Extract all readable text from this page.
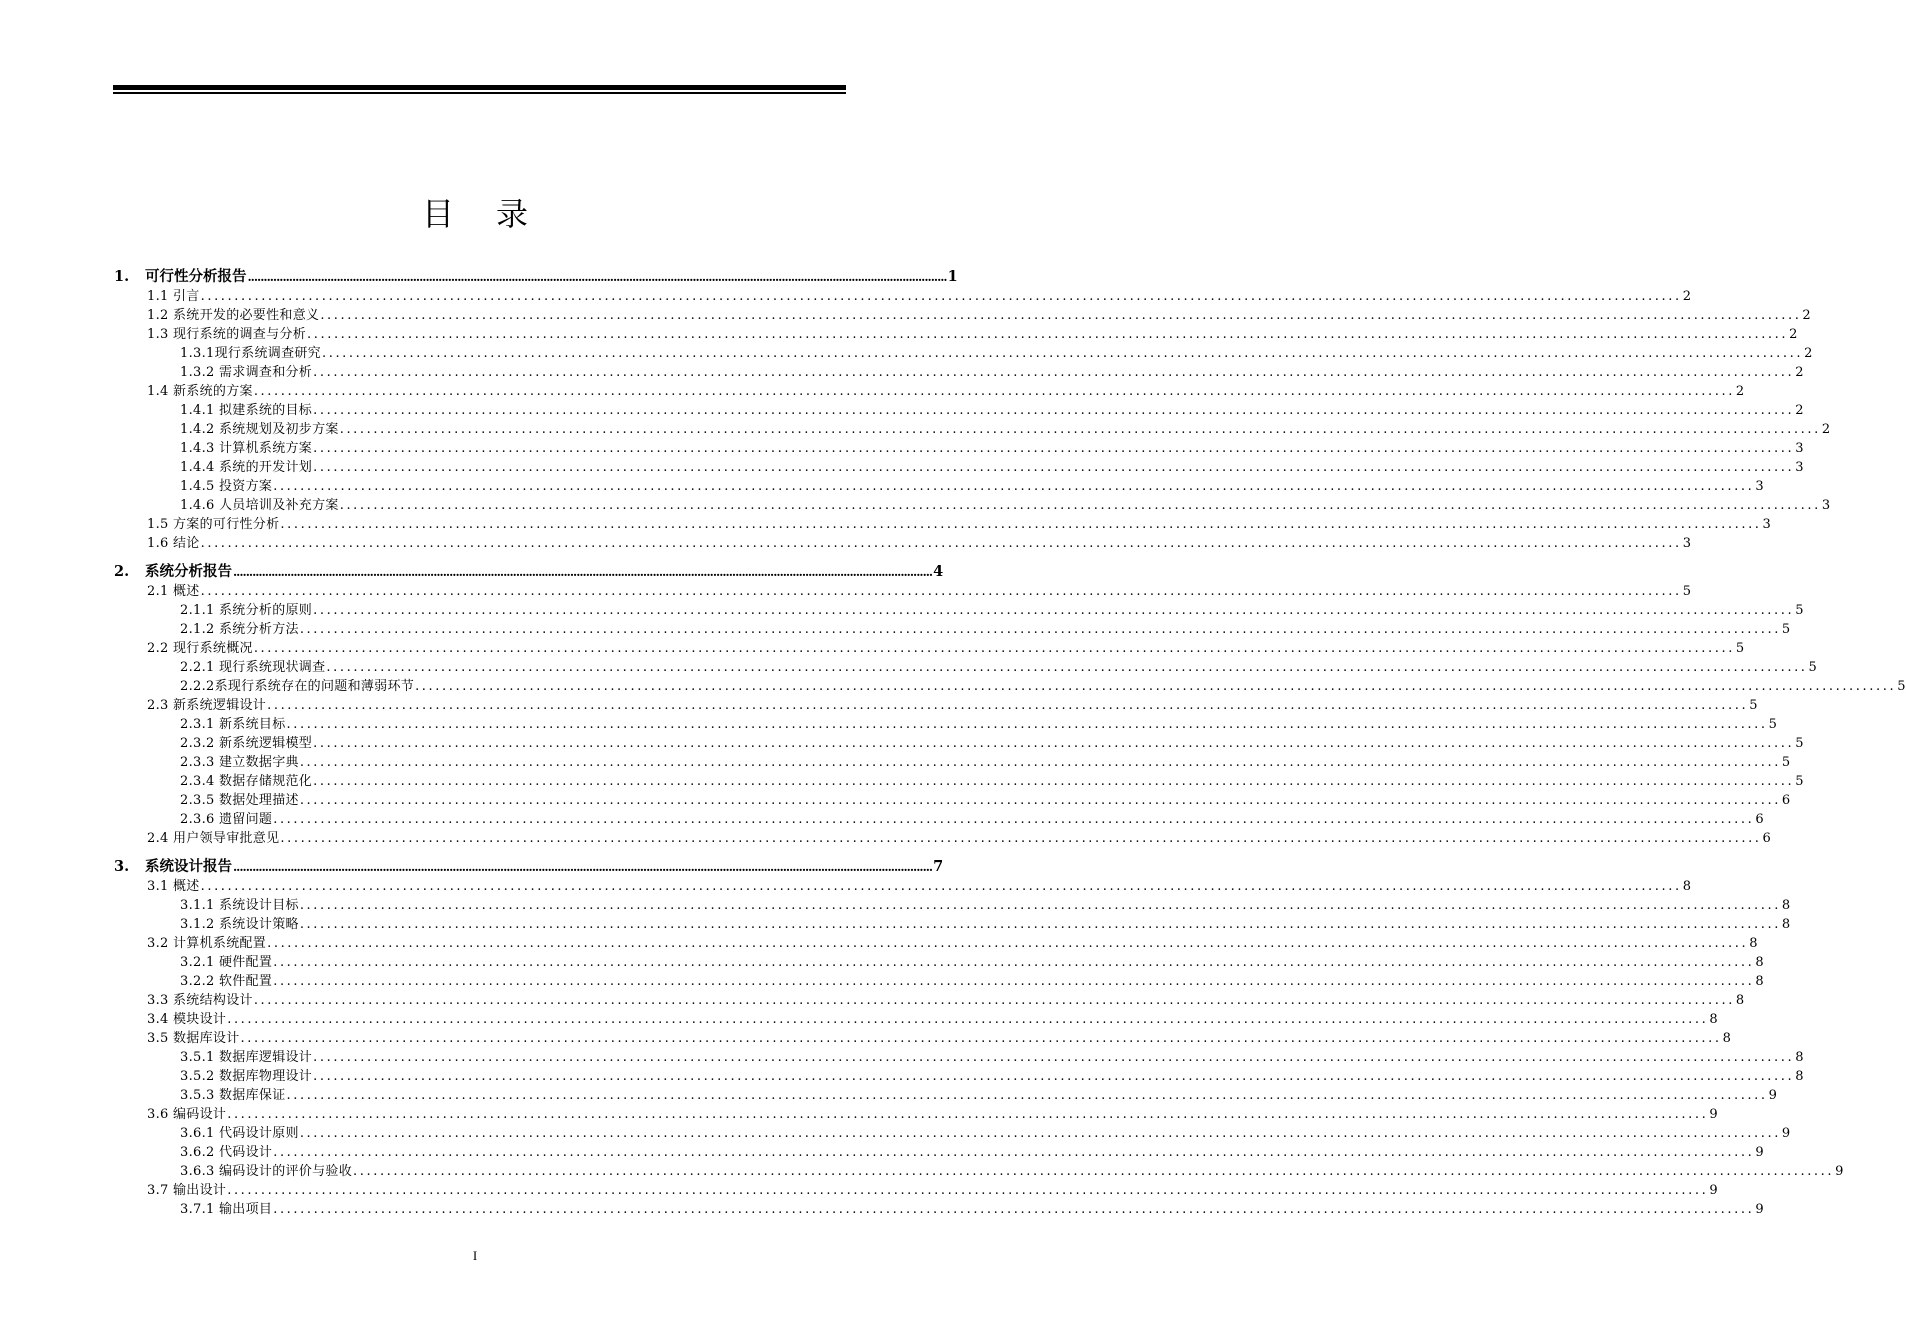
目录
1. 可行性分析报告 ............................................................................................................................................................................................................................ 1
1.1 引言 ............................................................................................................................................................................................................................ 2
1.2 系统开发的必要性和意义 ............................................................................................................................................................................................................................ 2
1.3 现行系统的调查与分析 ............................................................................................................................................................................................................................ 2
1.3.1现行系统调查研究 ............................................................................................................................................................................................................................ 2
1.3.2 需求调查和分析 ............................................................................................................................................................................................................................ 2
1.4 新系统的方案 ............................................................................................................................................................................................................................ 2
1.4.1 拟建系统的目标 ............................................................................................................................................................................................................................ 2
1.4.2 系统规划及初步方案 ............................................................................................................................................................................................................................ 2
1.4.3 计算机系统方案 ............................................................................................................................................................................................................................ 3
1.4.4 系统的开发计划 ............................................................................................................................................................................................................................ 3
1.4.5 投资方案 ............................................................................................................................................................................................................................ 3
1.4.6 人员培训及补充方案 ............................................................................................................................................................................................................................ 3
1.5 方案的可行性分析 ............................................................................................................................................................................................................................ 3
1.6 结论 ............................................................................................................................................................................................................................ 3
2. 系统分析报告 ............................................................................................................................................................................................................................ 4
2.1 概述 ............................................................................................................................................................................................................................ 5
2.1.1 系统分析的原则 ............................................................................................................................................................................................................................ 5
2.1.2 系统分析方法 ............................................................................................................................................................................................................................ 5
2.2 现行系统概况 ............................................................................................................................................................................................................................ 5
2.2.1 现行系统现状调查 ............................................................................................................................................................................................................................ 5
2.2.2系现行系统存在的问题和薄弱环节 ............................................................................................................................................................................................................................ 5
2.3 新系统逻辑设计 ............................................................................................................................................................................................................................ 5
2.3.1 新系统目标 ............................................................................................................................................................................................................................ 5
2.3.2 新系统逻辑模型 ............................................................................................................................................................................................................................ 5
2.3.3 建立数据字典 ............................................................................................................................................................................................................................ 5
2.3.4 数据存储规范化 ............................................................................................................................................................................................................................ 5
2.3.5 数据处理描述 ............................................................................................................................................................................................................................ 6
2.3.6 遗留问题 ............................................................................................................................................................................................................................ 6
2.4 用户领导审批意见 ............................................................................................................................................................................................................................ 6
3. 系统设计报告 ............................................................................................................................................................................................................................ 7
3.1 概述 ............................................................................................................................................................................................................................ 8
3.1.1 系统设计目标 ............................................................................................................................................................................................................................ 8
3.1.2 系统设计策略 ............................................................................................................................................................................................................................ 8
3.2 计算机系统配置 ............................................................................................................................................................................................................................ 8
3.2.1 硬件配置 ............................................................................................................................................................................................................................ 8
3.2.2 软件配置 ............................................................................................................................................................................................................................ 8
3.3 系统结构设计 ............................................................................................................................................................................................................................ 8
3.4 模块设计 ............................................................................................................................................................................................................................ 8
3.5 数据库设计 ............................................................................................................................................................................................................................ 8
3.5.1 数据库逻辑设计 ............................................................................................................................................................................................................................ 8
3.5.2 数据库物理设计 ............................................................................................................................................................................................................................ 8
3.5.3 数据库保证 ............................................................................................................................................................................................................................ 9
3.6 编码设计 ............................................................................................................................................................................................................................ 9
3.6.1 代码设计原则 ............................................................................................................................................................................................................................ 9
3.6.2 代码设计 ............................................................................................................................................................................................................................ 9
3.6.3 编码设计的评价与验收 ............................................................................................................................................................................................................................ 9
3.7 输出设计 ............................................................................................................................................................................................................................ 9
3.7.1 输出项目 ............................................................................................................................................................................................................................ 9
I
